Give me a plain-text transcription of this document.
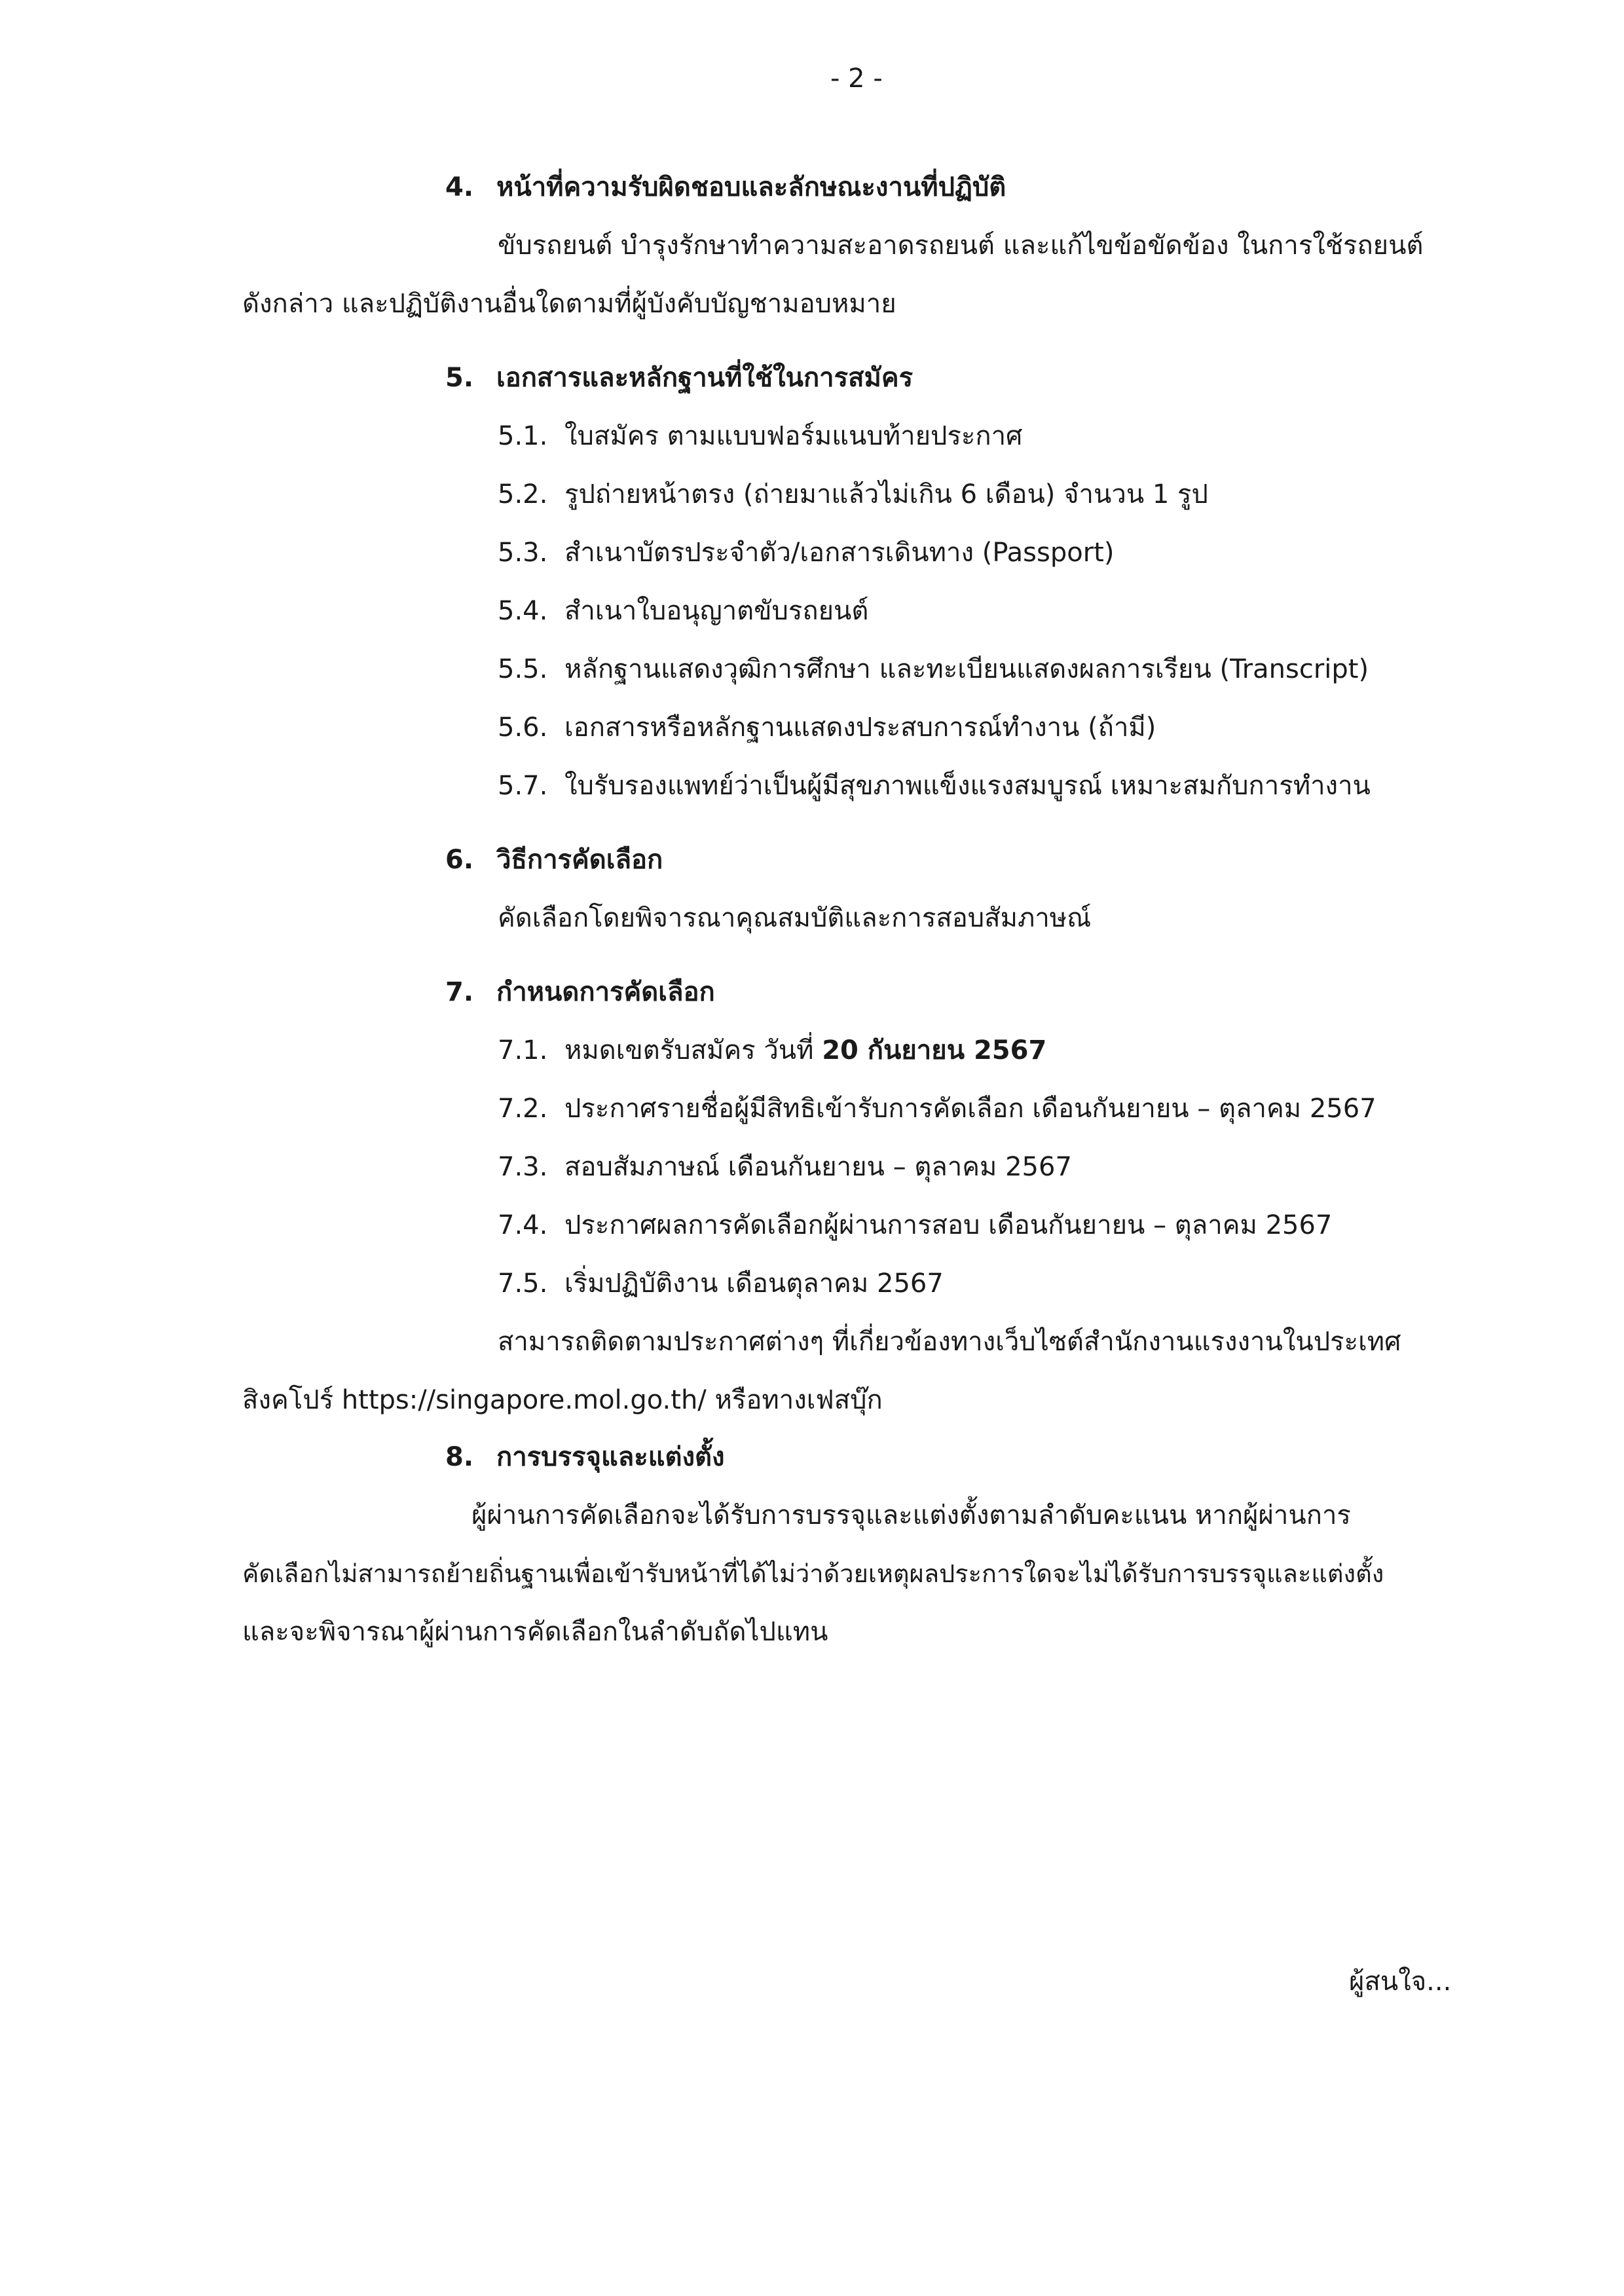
- 2 -
4. หน้าที่ความรับผิดชอบและลักษณะงานที่ปฏิบัติ
ขับรถยนต์ บำรุงรักษาทำความสะอาดรถยนต์ และแก้ไขข้อขัดข้อง ในการใช้รถยนต์
ดังกล่าว และปฏิบัติงานอื่นใดตามที่ผู้บังคับบัญชามอบหมาย
5. เอกสารและหลักฐานที่ใช้ในการสมัคร
5.1. ใบสมัคร ตามแบบฟอร์มแนบท้ายประกาศ
5.2. รูปถ่ายหน้าตรง (ถ่ายมาแล้วไม่เกิน 6 เดือน) จำนวน 1 รูป
5.3. สำเนาบัตรประจำตัว/เอกสารเดินทาง (Passport)
5.4. สำเนาใบอนุญาตขับรถยนต์
5.5. หลักฐานแสดงวุฒิการศึกษา และทะเบียนแสดงผลการเรียน (Transcript)
5.6. เอกสารหรือหลักฐานแสดงประสบการณ์ทำงาน (ถ้ามี)
5.7. ใบรับรองแพทย์ว่าเป็นผู้มีสุขภาพแข็งแรงสมบูรณ์ เหมาะสมกับการทำงาน
6. วิธีการคัดเลือก
คัดเลือกโดยพิจารณาคุณสมบัติและการสอบสัมภาษณ์
7. กำหนดการคัดเลือก
7.1. หมดเขตรับสมัคร วันที่ 20 กันยายน 2567
7.2. ประกาศรายชื่อผู้มีสิทธิเข้ารับการคัดเลือก เดือนกันยายน – ตุลาคม 2567
7.3. สอบสัมภาษณ์ เดือนกันยายน – ตุลาคม 2567
7.4. ประกาศผลการคัดเลือกผู้ผ่านการสอบ เดือนกันยายน – ตุลาคม 2567
7.5. เริ่มปฏิบัติงาน เดือนตุลาคม 2567
สามารถติดตามประกาศต่างๆ ที่เกี่ยวข้องทางเว็บไซต์สำนักงานแรงงานในประเทศ
สิงคโปร์ https://singapore.mol.go.th/ หรือทางเฟสบุ๊ก
8. การบรรจุและแต่งตั้ง
ผู้ผ่านการคัดเลือกจะได้รับการบรรจุและแต่งตั้งตามลำดับคะแนน หากผู้ผ่านการ
คัดเลือกไม่สามารถย้ายถิ่นฐานเพื่อเข้ารับหน้าที่ได้ไม่ว่าด้วยเหตุผลประการใดจะไม่ได้รับการบรรจุและแต่งตั้ง
และจะพิจารณาผู้ผ่านการคัดเลือกในลำดับถัดไปแทน
ผู้สนใจ...
